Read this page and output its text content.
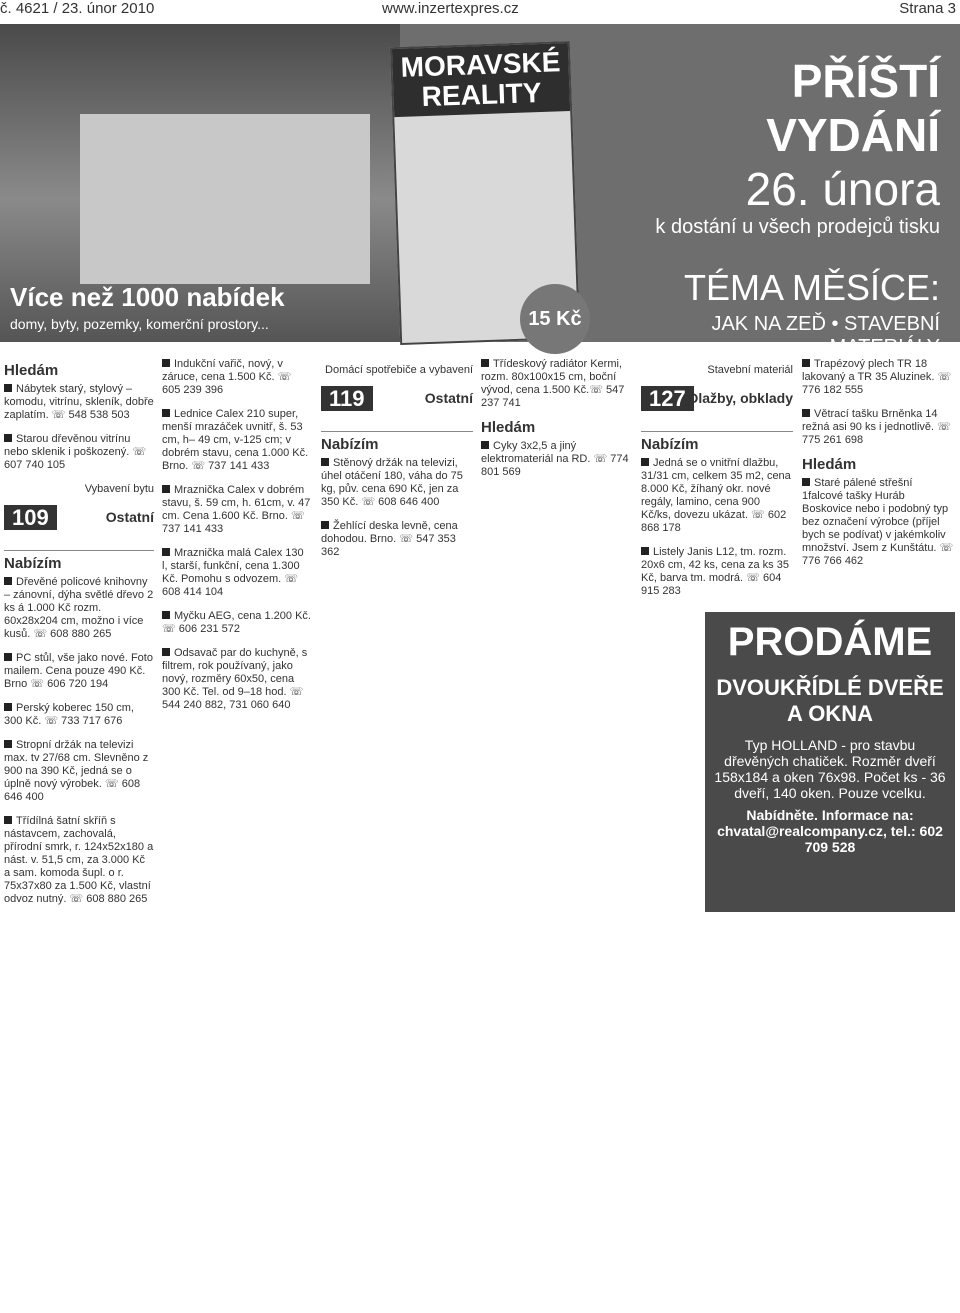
č. 4621 / 23. únor 2010	www.inzertexpres.cz	Strana 3
Více než 1000 nabídek
domy, byty, pozemky, komerční prostory...
MORAVSKÉ REALITY
15 Kč
PŘÍŠTÍ VYDÁNÍ
26. února
k dostání u všech prodejců tisku
TÉMA MĚSÍCE:
JAK NA ZEĎ • STAVEBNÍ MATERIÁLY
Hledám
Nábytek starý, stylový – komodu, vitrínu, skleník, dobře zaplatím. ☏ 548 538 503
Starou dřevěnou vitrínu nebo sklenik i poškozený. ☏ 607 740 105
Vybavení bytu
109	Ostatní
Nabízím
Dřevěné policové knihovny – zánovní, dýha světlé dřevo 2 ks á 1.000 Kč rozm. 60x28x204 cm, možno i více kusů. ☏ 608 880 265
PC stůl, vše jako nové. Foto mailem. Cena pouze 490 Kč. Brno ☏ 606 720 194
Perský koberec 150 cm, 300 Kč. ☏ 733 717 676
Stropní držák na televizi max. tv 27/68 cm. Slevněno z 900 na 390 Kč, jedná se o úplně nový výrobek. ☏ 608 646 400
Třídílná šatní skříň s nástavcem, zachovalá, přírodní smrk, r. 124x52x180 a nást. v. 51,5 cm, za 3.000 Kč a sam. komoda šupl. o r. 75x37x80 za 1.500 Kč, vlastní odvoz nutný. ☏ 608 880 265
Indukční vařič, nový, v záruce, cena 1.500 Kč. ☏ 605 239 396
Lednice Calex 210 super, menší mrazáček uvnitř, š. 53 cm, h– 49 cm, v-125 cm; v dobrém stavu, cena 1.000 Kč. Brno. ☏ 737 141 433
Mraznička Calex v dobrém stavu, š. 59 cm, h. 61cm, v. 47 cm. Cena 1.600 Kč. Brno. ☏ 737 141 433
Mraznička malá Calex 130 l, starší, funkční, cena 1.300 Kč. Pomohu s odvozem. ☏ 608 414 104
Myčku AEG, cena 1.200 Kč. ☏ 606 231 572
Odsavač par do kuchyně, s filtrem, rok používaný, jako nový, rozměry 60x50, cena 300 Kč. Tel. od 9–18 hod. ☏ 544 240 882, 731 060 640
Domácí spotřebiče a vybavení
119	Ostatní
Nabízím
Stěnový držák na televizi, úhel otáčení 180, váha do 75 kg, pův. cena 690 Kč, jen za 350 Kč. ☏ 608 646 400
Žehlící deska levně, cena dohodou. Brno. ☏ 547 353 362
Třídeskový radiátor Kermi, rozm. 80x100x15 cm, boční vývod, cena 1.500 Kč.☏ 547 237 741
Hledám
Cyky 3x2,5 a jiný elektromateriál na RD. ☏ 774 801 569
Stavební materiál
127 Dlažby, obklady
Nabízím
Jedná se o vnitřní dlažbu, 31/31 cm, celkem 35 m2, cena 8.000 Kč, žíhaný okr. nové regály, lamino, cena 900 Kč/ks, dovezu ukázat. ☏ 602 868 178
Listely Janis L12, tm. rozm. 20x6 cm, 42 ks, cena za ks 35 Kč, barva tm. modrá. ☏ 604 915 283
Trapézový plech TR 18 lakovaný a TR 35 Aluzinek. ☏ 776 182 555
Větrací tašku Brněnka 14 režná asi 90 ks i jednotlivě. ☏ 775 261 698
Hledám
Staré pálené střešní 1falcové tašky Huráb Boskovice nebo i podobný typ bez označení výrobce (příjel bych se podívat) v jakémkoliv množství. Jsem z Kunštátu. ☏ 776 766 462
PRODÁME
DVOUKŘÍDLÉ DVEŘE A OKNA
Typ HOLLAND - pro stavbu dřevěných chatiček. Rozměr dveří 158x184 a oken 76x98. Počet ks - 36 dveří, 140 oken. Pouze vcelku.
Nabídněte. Informace na: chvatal@realcompany.cz, tel.: 602 709 528
